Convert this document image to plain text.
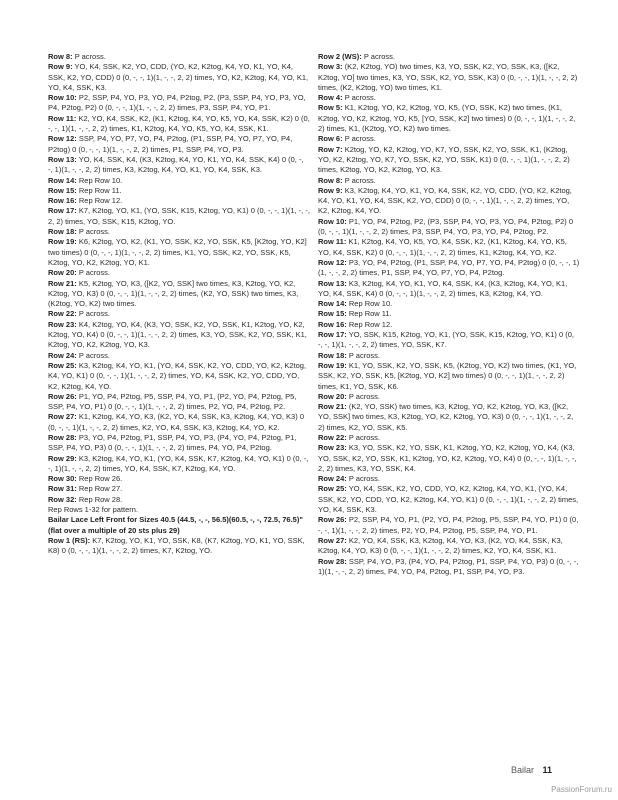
Row 8: P across.

Row 9: YO, K4, SSK, K2, YO, CDD, (YO, K2, K2tog, K4, YO, K1, YO, K4, SSK, K2, YO, CDD) 0 (0, -, -, 1)(1, -, -, 2, 2) times, YO, K2, K2tog, K4, YO, K1, YO, K4, SSK, K3.

Row 10: P2, SSP, P4, YO, P3, YO, P4, P2tog, P2, (P3, SSP, P4, YO, P3, YO, P4, P2tog, P2) 0 (0, -, -, 1)(1, -, -, 2, 2) times, P3, SSP, P4, YO, P1.

Row 11: K2, YO, K4, SSK, K2, (K1, K2tog, K4, YO, K5, YO, K4, SSK, K2) 0 (0, -, -, 1)(1, -, -, 2, 2) times, K1, K2tog, K4, YO, K5, YO, K4, SSK, K1.

Row 12: SSP, P4, YO, P7, YO, P4, P2tog, (P1, SSP, P4, YO, P7, YO, P4, P2tog) 0 (0, -, -, 1)(1, -, -, 2, 2) times, P1, SSP, P4, YO, P3.

Row 13: YO, K4, SSK, K4, (K3, K2tog, K4, YO, K1, YO, K4, SSK, K4) 0 (0, -, -, 1)(1, -, -, 2, 2) times, K3, K2tog, K4, YO, K1, YO, K4, SSK, K3.

Row 14: Rep Row 10.

Row 15: Rep Row 11.

Row 16: Rep Row 12.

Row 17: K7, K2tog, YO, K1, (YO, SSK, K15, K2tog, YO, K1) 0 (0, -, -, 1)(1, -, -, 2, 2) times, YO, SSK, K15, K2tog, YO.

Row 18: P across.

Row 19: K6, K2tog, YO, K2, (K1, YO, SSK, K2, YO, SSK, K5, [K2tog, YO, K2] two times) 0 (0, -, -, 1)(1, -, -, 2, 2) times, K1, YO, SSK, K2, YO, SSK, K5, K2tog, YO, K2, K2tog, YO, K1.

Row 20: P across.

Row 21: K5, K2tog, YO, K3, ([K2, YO, SSK] two times, K3, K2tog, YO, K2, K2tog, YO, K3) 0 (0, -, -, 1)(1, -, -, 2, 2) times, (K2, YO, SSK) two times, K3, (K2tog, YO, K2) two times.

Row 22: P across.

Row 23: K4, K2tog, YO, K4, (K3, YO, SSK, K2, YO, SSK, K1, K2tog, YO, K2, K2tog, YO, K4) 0 (0, -, -, 1)(1, -, -, 2, 2) times, K3, YO, SSK, K2, YO, SSK, K1, K2tog, YO, K2, K2tog, YO, K3.

Row 24: P across.

Row 25: K3, K2tog, K4, YO, K1, (YO, K4, SSK, K2, YO, CDD, YO, K2, K2tog, K4, YO, K1) 0 (0, -, -, 1)(1, -, -, 2, 2) times, YO, K4, SSK, K2, YO, CDD, YO, K2, K2tog, K4, YO.

Row 26: P1, YO, P4, P2tog, P5, SSP, P4, YO, P1, (P2, YO, P4, P2tog, P5, SSP, P4, YO, P1) 0 (0, -, -, 1)(1, -, -, 2, 2) times, P2, YO, P4, P2tog, P2.

Row 27: K1, K2tog, K4, YO, K3, (K2, YO, K4, SSK, K3, K2tog, K4, YO, K3) 0 (0, -, -, 1)(1, -, -, 2, 2) times, K2, YO, K4, SSK, K3, K2tog, K4, YO, K2.

Row 28: P3, YO, P4, P2tog, P1, SSP, P4, YO, P3, (P4, YO, P4, P2tog, P1, SSP, P4, YO, P3) 0 (0, -, -, 1)(1, -, -, 2, 2) times, P4, YO, P4, P2tog.

Row 29: K3, K2tog, K4, YO, K1, (YO, K4, SSK, K7, K2tog, K4, YO, K1) 0 (0, -, -, 1)(1, -, -, 2, 2) times, YO, K4, SSK, K7, K2tog, K4, YO.

Row 30: Rep Row 26.

Row 31: Rep Row 27.

Row 32: Rep Row 28.

Rep Rows 1-32 for pattern.

Bailar Lace Left Front for Sizes 40.5 (44.5, -, -, 56.5)(60.5, -, -, 72.5, 76.5)" (flat over a multiple of 20 sts plus 29)

Row 1 (RS): K7, K2tog, YO, K1, YO, SSK, K8, (K7, K2tog, YO, K1, YO, SSK, K8) 0 (0, -, -, 1)(1, -, -, 2, 2) times, K7, K2tog, YO.

Row 2 (WS): P across.

Row 3: (K2, K2tog, YO) two times, K3, YO, SSK, K2, YO, SSK, K3, ([K2, K2tog, YO] two times, K3, YO, SSK, K2, YO, SSK, K3) 0 (0, -, -, 1)(1, -, -, 2, 2) times, (K2, K2tog, YO) two times, K1.

Row 4: P across.

Row 5: K1, K2tog, YO, K2, K2tog, YO, K5, (YO, SSK, K2) two times, (K1, K2tog, YO, K2, K2tog, YO, K5, [YO, SSK, K2] two times) 0 (0, -, -, 1)(1, -, -, 2, 2) times, K1, (K2tog, YO, K2) two times.

Row 6: P across.

Row 7: K2tog, YO, K2, K2tog, YO, K7, YO, SSK, K2, YO, SSK, K1, (K2tog, YO, K2, K2tog, YO, K7, YO, SSK, K2, YO, SSK, K1) 0 (0, -, -, 1)(1, -, -, 2, 2) times, K2tog, YO, K2, K2tog, YO, K3.

Row 8: P across.

Row 9: K3, K2tog, K4, YO, K1, YO, K4, SSK, K2, YO, CDD, (YO, K2, K2tog, K4, YO, K1, YO, K4, SSK, K2, YO, CDD) 0 (0, -, -, 1)(1, -, -, 2, 2) times, YO, K2, K2tog, K4, YO.

Row 10: P1, YO, P4, P2tog, P2, (P3, SSP, P4, YO, P3, YO, P4, P2tog, P2) 0 (0, -, -, 1)(1, -, -, 2, 2) times, P3, SSP, P4, YO, P3, YO, P4, P2tog, P2.

Row 11: K1, K2tog, K4, YO, K5, YO, K4, SSK, K2, (K1, K2tog, K4, YO, K5, YO, K4, SSK, K2) 0 (0, -, -, 1)(1, -, -, 2, 2) times, K1, K2tog, K4, YO, K2.

Row 12: P3, YO, P4, P2tog, (P1, SSP, P4, YO, P7, YO, P4, P2tog) 0 (0, -, -, 1)(1, -, -, 2, 2) times, P1, SSP, P4, YO, P7, YO, P4, P2tog.

Row 13: K3, K2tog, K4, YO, K1, YO, K4, SSK, K4, (K3, K2tog, K4, YO, K1, YO, K4, SSK, K4) 0 (0, -, -, 1)(1, -, -, 2, 2) times, K3, K2tog, K4, YO.

Row 14: Rep Row 10.

Row 15: Rep Row 11.

Row 16: Rep Row 12.

Row 17: YO, SSK, K15, K2tog, YO, K1, (YO, SSK, K15, K2tog, YO, K1) 0 (0, -, -, 1)(1, -, -, 2, 2) times, YO, SSK, K7.

Row 18: P across.

Row 19: K1, YO, SSK, K2, YO, SSK, K5, (K2tog, YO, K2) two times, (K1, YO, SSK, K2, YO, SSK, K5, [K2tog, YO, K2] two times) 0 (0, -, -, 1)(1, -, -, 2, 2) times, K1, YO, SSK, K6.

Row 20: P across.

Row 21: (K2, YO, SSK) two times, K3, K2tog, YO, K2, K2tog, YO, K3, ([K2, YO, SSK] two times, K3, K2tog, YO, K2, K2tog, YO, K3) 0 (0, -, -, 1)(1, -, -, 2, 2) times, K2, YO, SSK, K5.

Row 22: P across.

Row 23: K3, YO, SSK, K2, YO, SSK, K1, K2tog, YO, K2, K2tog, YO, K4, (K3, YO, SSK, K2, YO, SSK, K1, K2tog, YO, K2, K2tog, YO, K4) 0 (0, -, -, 1)(1, -, -, 2, 2) times, K3, YO, SSK, K4.

Row 24: P across.

Row 25: YO, K4, SSK, K2, YO, CDD, YO, K2, K2tog, K4, YO, K1, (YO, K4, SSK, K2, YO, CDD, YO, K2, K2tog, K4, YO, K1) 0 (0, -, -, 1)(1, -, -, 2, 2) times, YO, K4, SSK, K3.

Row 26: P2, SSP, P4, YO, P1, (P2, YO, P4, P2tog, P5, SSP, P4, YO, P1) 0 (0, -, -, 1)(1, -, -, 2, 2) times, P2, YO, P4, P2tog, P5, SSP, P4, YO, P1.

Row 27: K2, YO, K4, SSK, K3, K2tog, K4, YO, K3, (K2, YO, K4, SSK, K3, K2tog, K4, YO, K3) 0 (0, -, -, 1)(1, -, -, 2, 2) times, K2, YO, K4, SSK, K1.

Row 28: SSP, P4, YO, P3, (P4, YO, P4, P2tog, P1, SSP, P4, YO, P3) 0 (0, -, -, 1)(1, -, -, 2, 2) times, P4, YO, P4, P2tog, P1, SSP, P4, YO, P3.

Bailar 11
PassionForum.ru
